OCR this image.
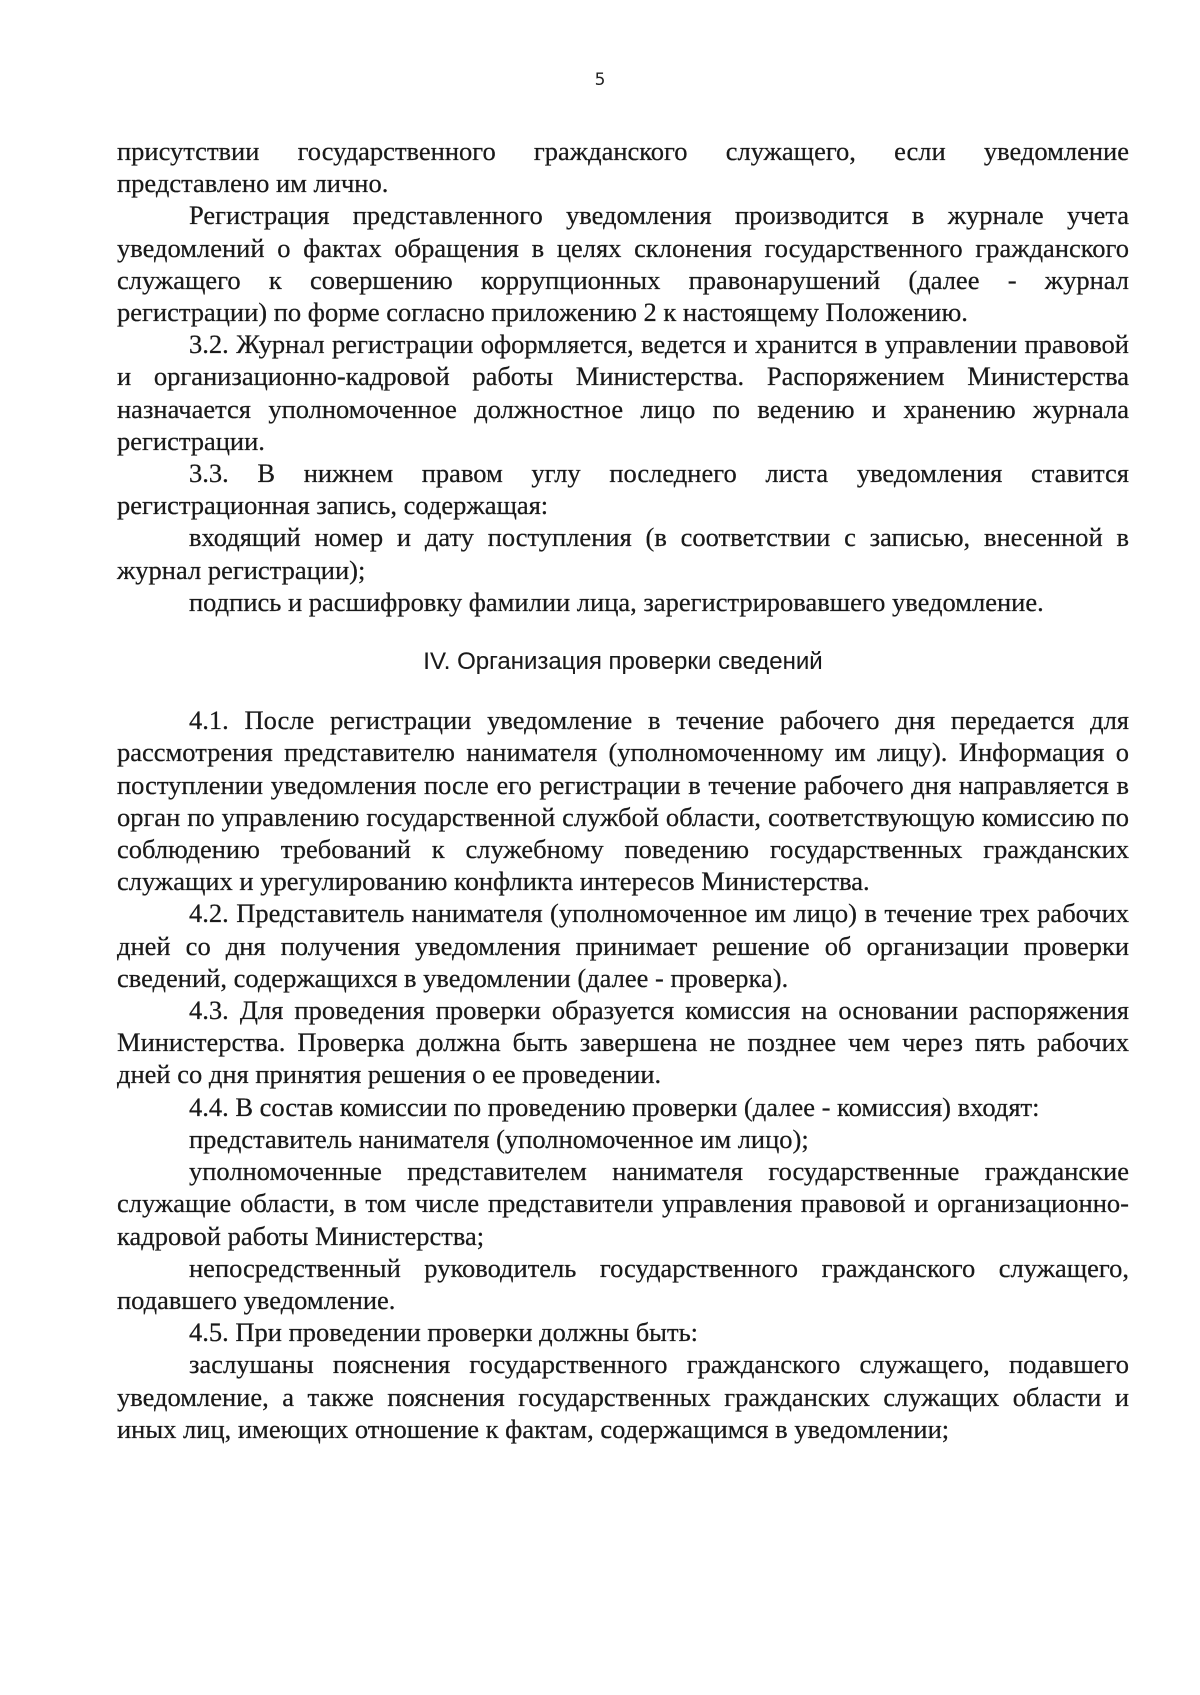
5

присутствии государственного гражданского служащего, если уведомление представлено им лично.

Регистрация представленного уведомления производится в журнале учета уведомлений о фактах обращения в целях склонения государственного гражданского служащего к совершению коррупционных правонарушений (далее - журнал регистрации) по форме согласно приложению 2 к настоящему Положению.

3.2. Журнал регистрации оформляется, ведется и хранится в управлении правовой и организационно-кадровой работы Министерства. Распоряжением Министерства назначается уполномоченное должностное лицо по ведению и хранению журнала регистрации.

3.3. В нижнем правом углу последнего листа уведомления ставится регистрационная запись, содержащая:

входящий номер и дату поступления (в соответствии с записью, внесенной в журнал регистрации);

подпись и расшифровку фамилии лица, зарегистрировавшего уведомление.

IV. Организация проверки сведений

4.1. После регистрации уведомление в течение рабочего дня передается для рассмотрения представителю нанимателя (уполномоченному им лицу). Информация о поступлении уведомления после его регистрации в течение рабочего дня направляется в орган по управлению государственной службой области, соответствующую комиссию по соблюдению требований к служебному поведению государственных гражданских служащих и урегулированию конфликта интересов Министерства.

4.2. Представитель нанимателя (уполномоченное им лицо) в течение трех рабочих дней со дня получения уведомления принимает решение об организации проверки сведений, содержащихся в уведомлении (далее - проверка).

4.3. Для проведения проверки образуется комиссия на основании распоряжения Министерства. Проверка должна быть завершена не позднее чем через пять рабочих дней со дня принятия решения о ее проведении.

4.4. В состав комиссии по проведению проверки (далее - комиссия) входят:

представитель нанимателя (уполномоченное им лицо);

уполномоченные представителем нанимателя государственные гражданские служащие области, в том числе представители управления правовой и организационно-кадровой работы Министерства;

непосредственный руководитель государственного гражданского служащего, подавшего уведомление.

4.5. При проведении проверки должны быть:

заслушаны пояснения государственного гражданского служащего, подавшего уведомление, а также пояснения государственных гражданских служащих области и иных лиц, имеющих отношение к фактам, содержащимся в уведомлении;
